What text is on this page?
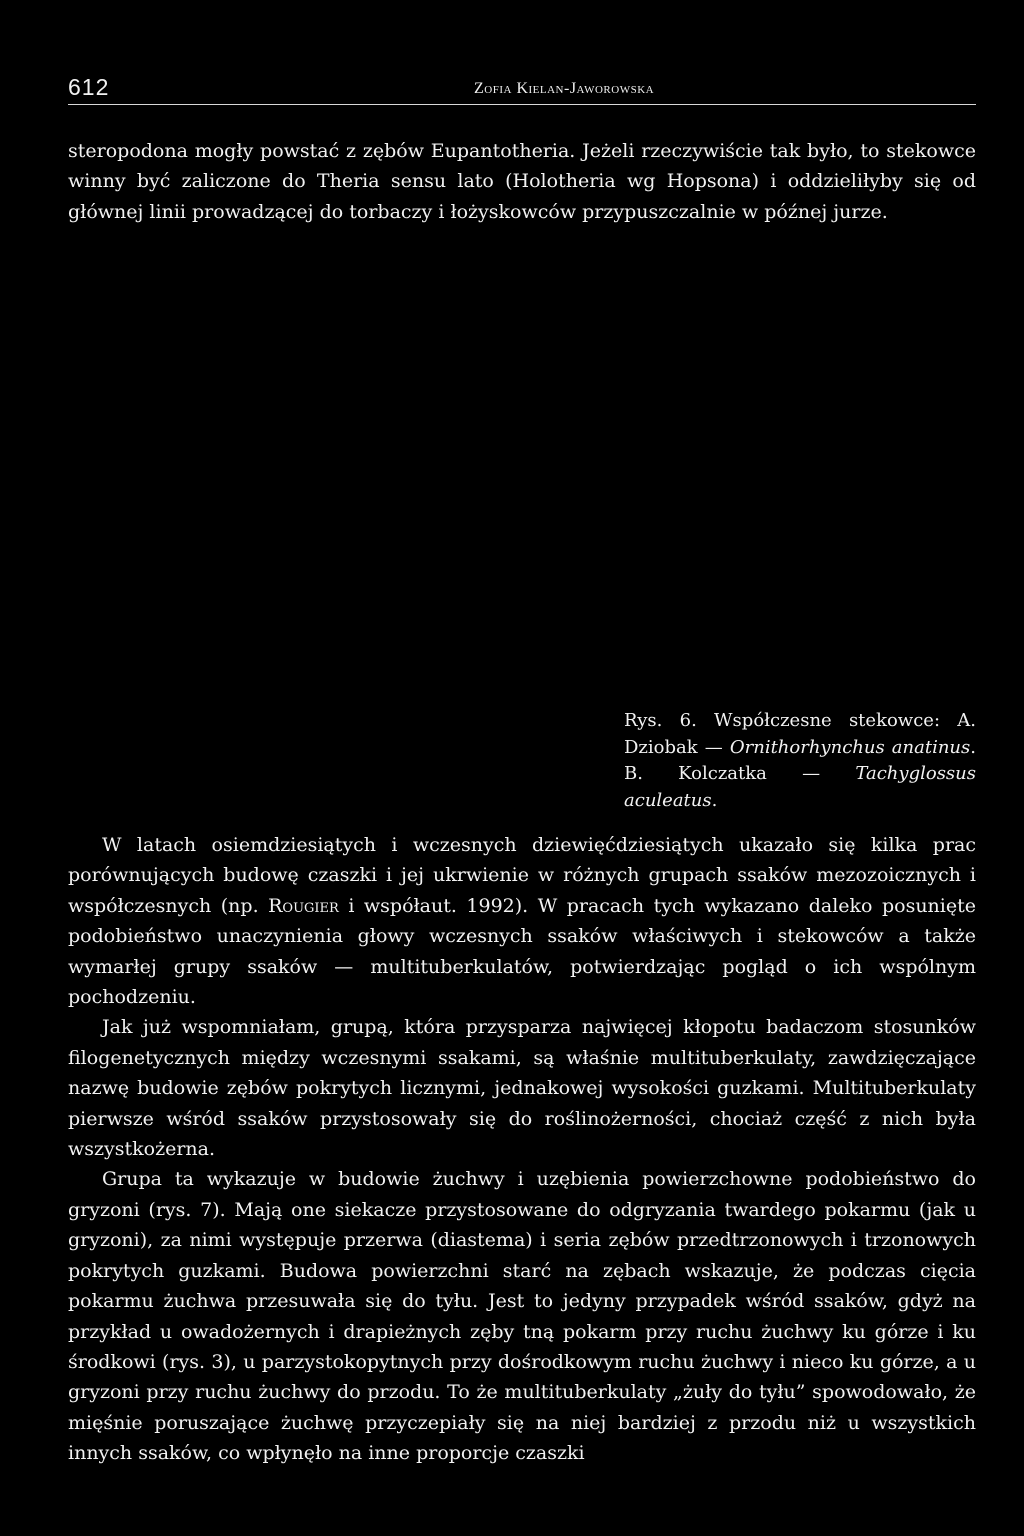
612	Zofia Kielan-Jaworowska

steropodona mogły powstać z zębów Eupantotheria. Jeżeli rzeczywiście tak było, to stekowce winny być zaliczone do Theria sensu lato (Holotheria wg Hopsona) i oddzieliłyby się od głównej linii prowadzącej do torbaczy i łożyskowców przypuszczalnie w późnej jurze.

Rys. 6. Współczesne stekowce: A. Dziobak — Ornithorhynchus anatinus. B. Kolczatka — Tachyglossus aculeatus.

W latach osiemdziesiątych i wczesnych dziewięćdziesiątych ukazało się kilka prac porównujących budowę czaszki i jej ukrwienie w różnych grupach ssaków mezozoicznych i współczesnych (np. Rougier i współaut. 1992). W pracach tych wykazano daleko posunięte podobieństwo unaczynienia głowy wczesnych ssaków właściwych i stekowców a także wymarłej grupy ssaków — multituberkulatów, potwierdzając pogląd o ich wspólnym pochodzeniu.

Jak już wspomniałam, grupą, która przysparza najwięcej kłopotu badaczom stosunków filogenetycznych między wczesnymi ssakami, są właśnie multituberkulaty, zawdzięczające nazwę budowie zębów pokrytych licznymi, jednakowej wysokości guzkami. Multituberkulaty pierwsze wśród ssaków przystosowały się do roślinożerności, chociaż część z nich była wszystkożerna.

Grupa ta wykazuje w budowie żuchwy i uzębienia powierzchowne podobieństwo do gryzoni (rys. 7). Mają one siekacze przystosowane do odgryzania twardego pokarmu (jak u gryzoni), za nimi występuje przerwa (diastema) i seria zębów przedtrzonowych i trzonowych pokrytych guzkami. Budowa powierzchni starć na zębach wskazuje, że podczas cięcia pokarmu żuchwa przesuwała się do tyłu. Jest to jedyny przypadek wśród ssaków, gdyż na przykład u owadożernych i drapieżnych zęby tną pokarm przy ruchu żuchwy ku górze i ku środkowi (rys. 3), u parzystokopytnych przy dośrodkowym ruchu żuchwy i nieco ku górze, a u gryzoni przy ruchu żuchwy do przodu. To że multituberkulaty „żuły do tyłu” spowodowało, że mięśnie poruszające żuchwę przyczepiały się na niej bardziej z przodu niż u wszystkich innych ssaków, co wpłynęło na inne proporcje czaszki
